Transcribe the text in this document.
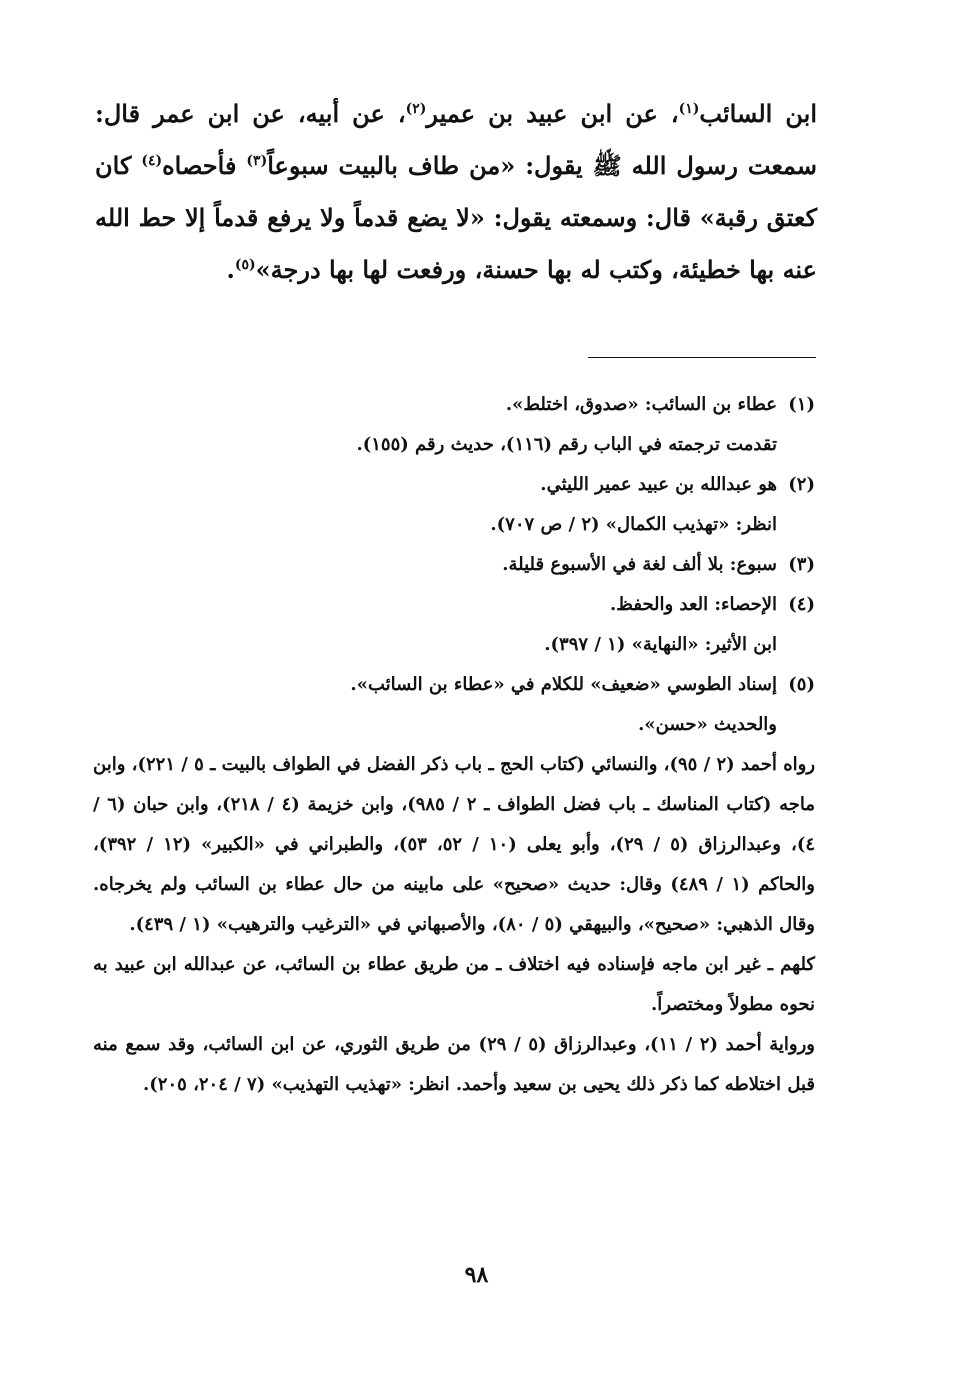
ابن السائب$^{(١)}$، عن ابن عبيد بن عمير$^{(٢)}$، عن أبيه، عن ابن عمر قال: سمعت رسول الله ﷺ يقول: «من طاف بالبيت سبوعاً$^{(٣)}$ فأحصاه$^{(٤)}$ كان كعتق رقبة» قال: وسمعته يقول: «لا يضع قدماً ولا يرفع قدماً إلا حط الله عنه بها خطيئة، وكتب له بها حسنة، ورفعت لها بها درجة»$^{(٥)}$.

(١)عطاء بن السائب: «صدوق، اختلط».

تقدمت ترجمته في الباب رقم (١١٦)، حديث رقم (١٥٥).

(٢)هو عبدالله بن عبيد عمير الليثي.

انظر: «تهذيب الكمال» (٢ / ص ٧٠٧).

(٣)سبوع: بلا ألف لغة في الأسبوع قليلة.

(٤)الإحصاء: العد والحفظ.

ابن الأثير: «النهاية» (١ / ٣٩٧).

(٥)إسناد الطوسي «ضعيف» للكلام في «عطاء بن السائب».

والحديث «حسن».

رواه أحمد (٢ / ٩٥)، والنسائي (كتاب الحج ـ باب ذكر الفضل في الطواف بالبيت ـ ٥ / ٢٢١)، وابن ماجه (كتاب المناسك ـ باب فضل الطواف ـ ٢ / ٩٨٥)، وابن خزيمة (٤ / ٢١٨)، وابن حبان (٦ / ٤)، وعبدالرزاق (٥ / ٢٩)، وأبو يعلى (١٠ / ٥٢، ٥٣)، والطبراني في «الكبير» (١٢ / ٣٩٢)، والحاكم (١ / ٤٨٩) وقال: حديث «صحيح» على مابينه من حال عطاء بن السائب ولم يخرجاه. وقال الذهبي: «صحيح»، والبيهقي (٥ / ٨٠)، والأصبهاني في «الترغيب والترهيب» (١ / ٤٣٩).

كلهم ـ غير ابن ماجه فإسناده فيه اختلاف ـ من طريق عطاء بن السائب، عن عبدالله ابن عبيد به نحوه مطولاً ومختصراً.

ورواية أحمد (٢ / ١١)، وعبدالرزاق (٥ / ٢٩) من طريق الثوري، عن ابن السائب، وقد سمع منه قبل اختلاطه كما ذكر ذلك يحيى بن سعيد وأحمد. انظر: «تهذيب التهذيب» (٧ / ٢٠٤، ٢٠٥).

٩٨
